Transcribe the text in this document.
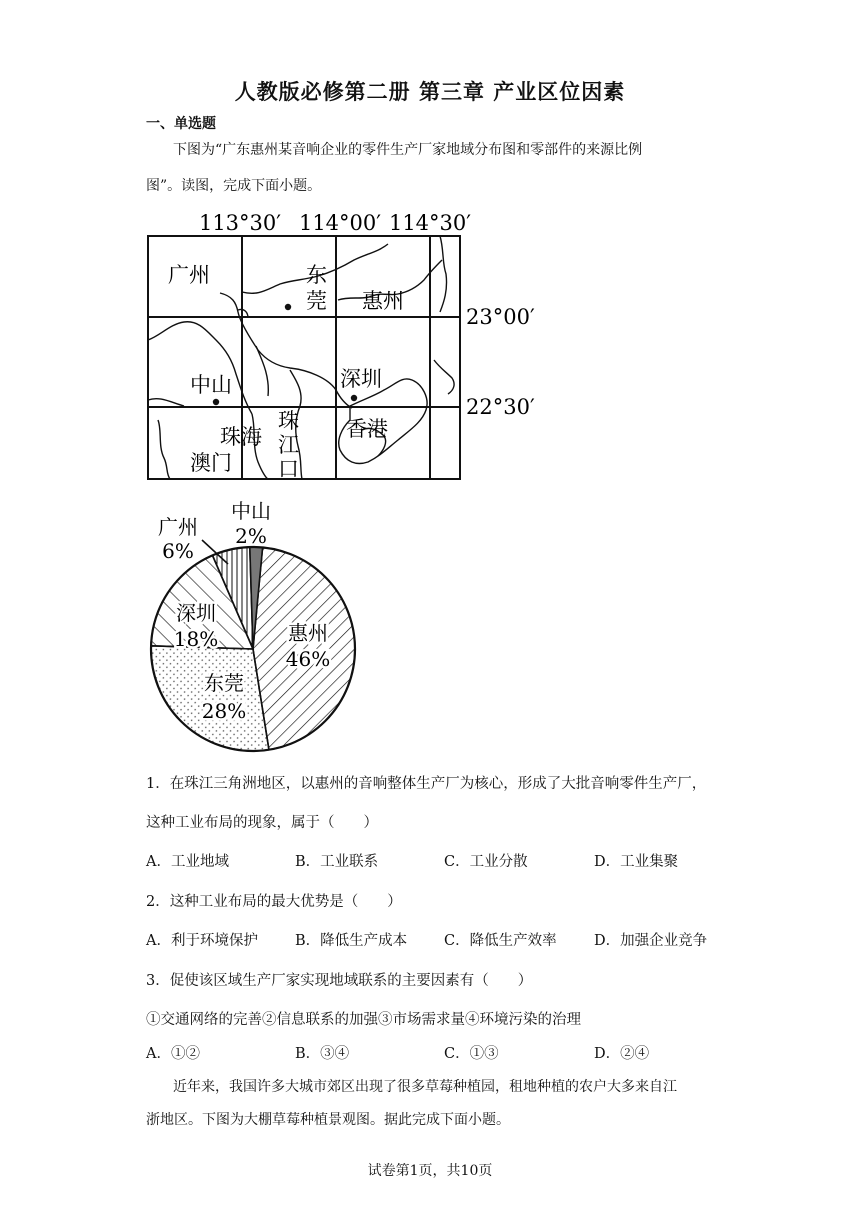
人教版必修第二册 第三章 产业区位因素
一、单选题
下图为“广东惠州某音响企业的零件生产厂家地域分布图和零部件的来源比例
图”。读图，完成下面小题。
113°30′ 114°00′ 114°30′
广州	东
莞 惠州
中山	深圳
珠海
澳门
珠
江
口
香港
23°00′
22°30′
中山
2%
广州
6%
深圳
18%	惠州
46%
东莞
28%
1．在珠江三角洲地区，以惠州的音响整体生产厂为核心，形成了大批音响零件生产厂，
这种工业布局的现象，属于（　　）
A．工业地域	B．工业联系	C．工业分散	D．工业集聚
2．这种工业布局的最大优势是（　　）
A．利于环境保护	B．降低生产成本	C．降低生产效率	D．加强企业竞争
3．促使该区域生产厂家实现地域联系的主要因素有（　　）
①交通网络的完善②信息联系的加强③市场需求量④环境污染的治理
A．①②	B．③④	C．①③	D．②④
近年来，我国许多大城市郊区出现了很多草莓种植园，租地种植的农户大多来自江
浙地区。下图为大棚草莓种植景观图。据此完成下面小题。
试卷第1页，共10页
